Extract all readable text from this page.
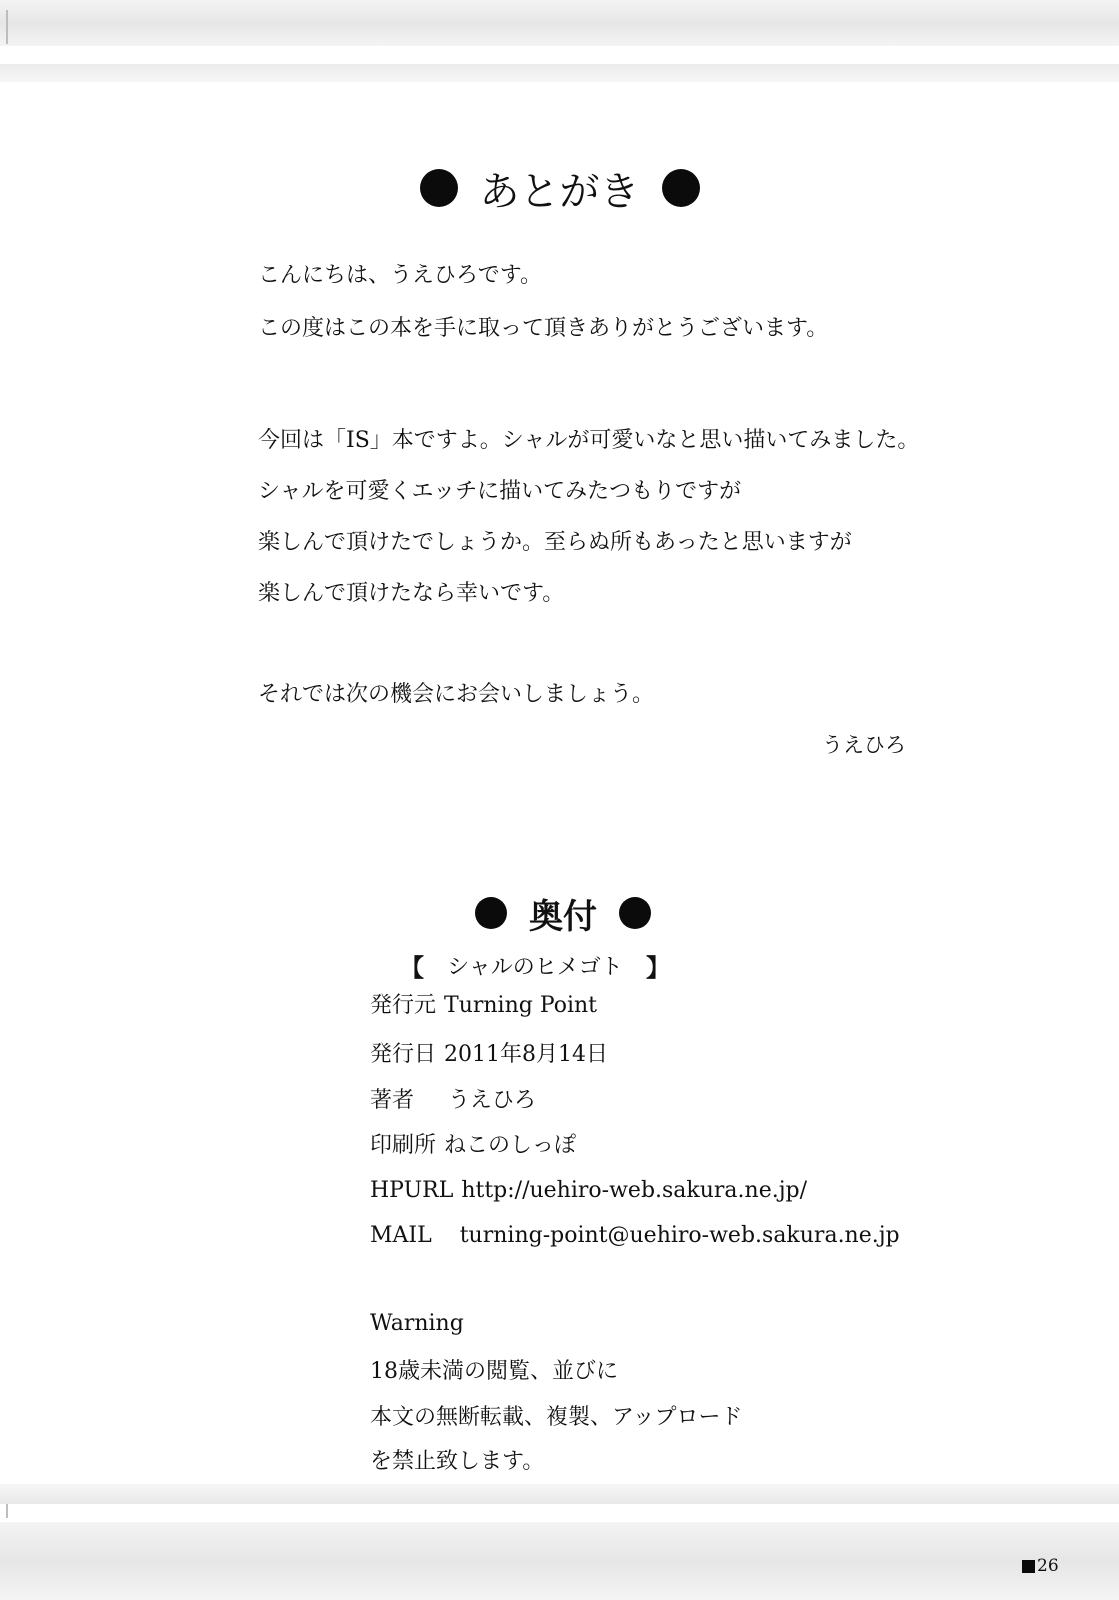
あとがき
こんにちは、うえひろです。
この度はこの本を手に取って頂きありがとうございます。
今回は「IS」本ですよ。シャルが可愛いなと思い描いてみました。
シャルを可愛くエッチに描いてみたつもりですが
楽しんで頂けたでしょうか。至らぬ所もあったと思いますが
楽しんで頂けたなら幸いです。
それでは次の機会にお会いしましょう。
うえひろ
奥付
【 シャルのヒメゴト 】
発行元 Turning Point
発行日 2011年8月14日
著者 うえひろ
印刷所 ねこのしっぽ
HPURL http://uehiro-web.sakura.ne.jp/
MAIL turning-point@uehiro-web.sakura.ne.jp
Warning
18歳未満の閲覧、並びに
本文の無断転載、複製、アップロード
を禁止致します。
26
